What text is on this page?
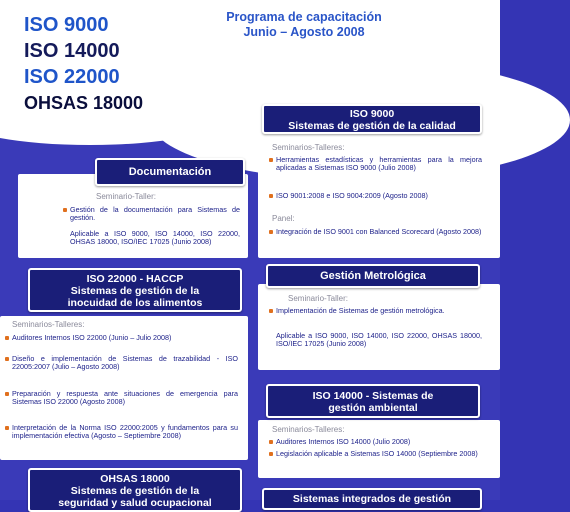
ISO 9000
ISO 14000
ISO 22000
OHSAS 18000
Programa de capacitación
Junio – Agosto 2008
Documentación
Seminario-Taller:
Gestión de la documentación para Sistemas de gestión.
Aplicable a ISO 9000, ISO 14000, ISO 22000, OHSAS 18000, ISO/IEC 17025 (Junio 2008)
ISO 22000 - HACCP
Sistemas de gestión de la
inocuidad de los alimentos
Seminarios-Talleres:
Auditores Internos ISO 22000 (Junio – Julio 2008)
Diseño e implementación de Sistemas de trazabilidad - ISO 22005:2007 (Julio – Agosto 2008)
Preparación y respuesta ante situaciones de emergencia para Sistemas ISO 22000 (Agosto 2008)
Interpretación de la Norma ISO 22000:2005 y fundamentos para su implementación efectiva (Agosto – Septiembre 2008)
OHSAS 18000
Sistemas de gestión de la
seguridad y salud ocupacional
ISO 9000
Sistemas de gestión de la calidad
Seminarios-Talleres:
Herramientas estadísticas y herramientas para la mejora aplicadas a Sistemas ISO 9000 (Julio 2008)
ISO 9001:2008 e ISO 9004:2009 (Agosto 2008)
Panel:
Integración de ISO 9001 con Balanced Scorecard (Agosto 2008)
Gestión Metrológica
Seminario-Taller:
Implementación de Sistemas de gestión metrológica.
Aplicable a ISO 9000, ISO 14000, ISO 22000, OHSAS 18000, ISO/IEC 17025 (Junio 2008)
ISO 14000 - Sistemas de
gestión ambiental
Seminarios-Talleres:
Auditores Internos ISO 14000 (Julio 2008)
Legislación aplicable a Sistemas ISO 14000 (Septiembre 2008)
Sistemas integrados de gestión
